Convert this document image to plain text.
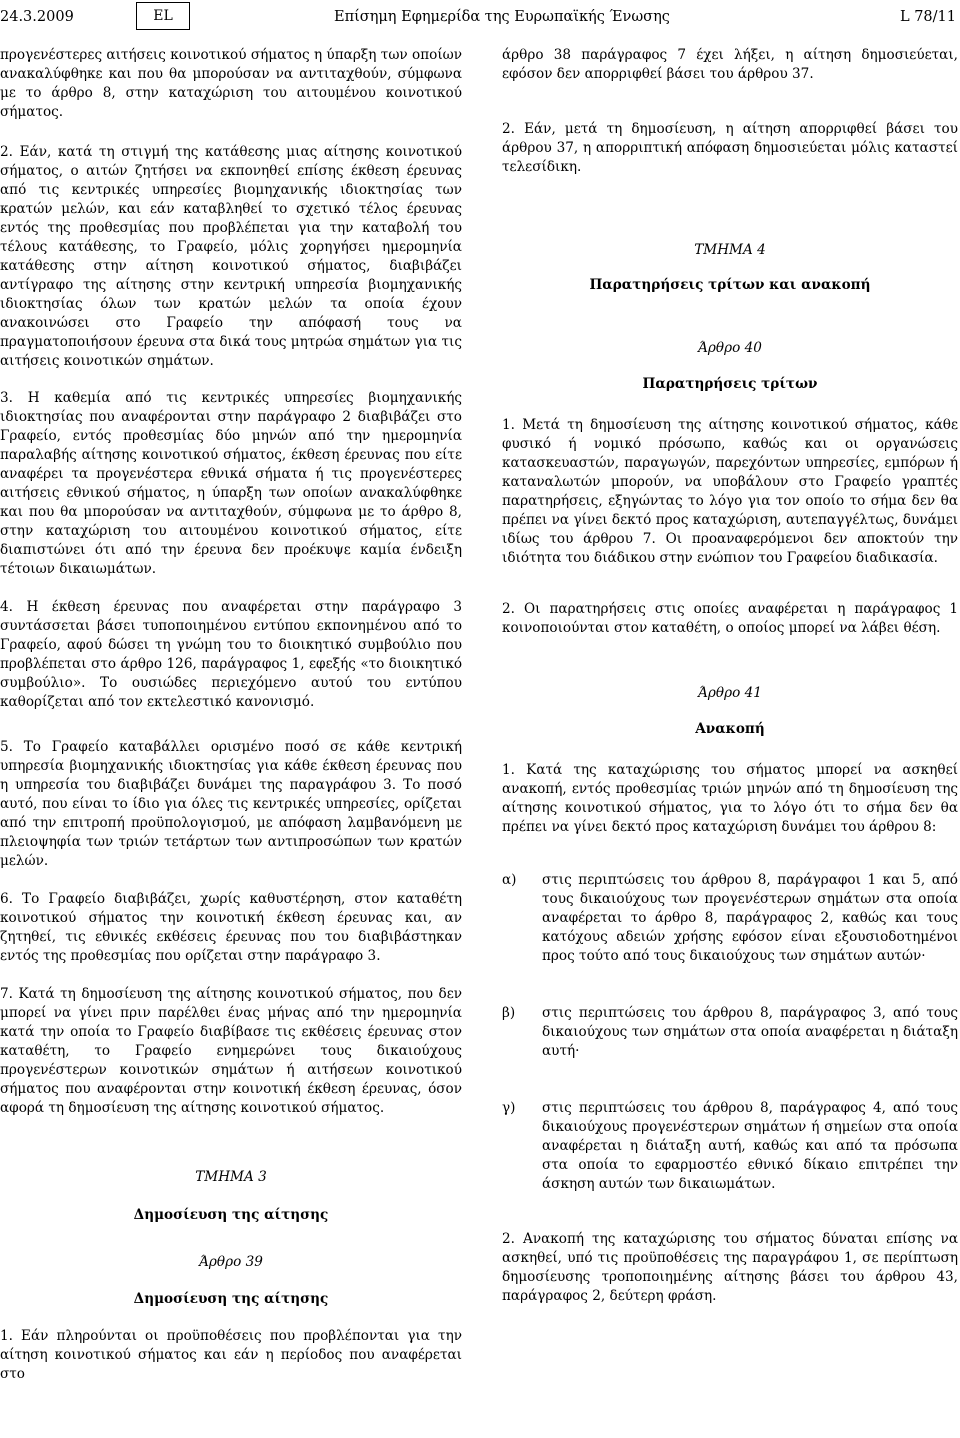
24.3.2009	EL	Επίσημη Εφημερίδα της Ευρωπαϊκής Ένωσης	L 78/11

προγενέστερες αιτήσεις κοινοτικού σήματος η ύπαρξη των οποίων ανακαλύφθηκε και που θα μπορούσαν να αντιταχθούν, σύμφωνα με το άρθρο 8, στην καταχώριση του αιτουμένου κοινοτικού σήματος.

2. Εάν, κατά τη στιγμή της κατάθεσης μιας αίτησης κοινοτικού σήματος, ο αιτών ζητήσει να εκπονηθεί επίσης έκθεση έρευνας από τις κεντρικές υπηρεσίες βιομηχανικής ιδιοκτησίας των κρατών μελών, και εάν καταβληθεί το σχετικό τέλος έρευνας εντός της προθεσμίας που προβλέπεται για την καταβολή του τέλους κατάθεσης, το Γραφείο, μόλις χορηγήσει ημερομηνία κατάθεσης στην αίτηση κοινοτικού σήματος, διαβιβάζει αντίγραφο της αίτησης στην κεντρική υπηρεσία βιομηχανικής ιδιοκτησίας όλων των κρατών μελών τα οποία έχουν ανακοινώσει στο Γραφείο την απόφασή τους να πραγματοποιήσουν έρευνα στα δικά τους μητρώα σημάτων για τις αιτήσεις κοινοτικών σημάτων.

3. Η καθεμία από τις κεντρικές υπηρεσίες βιομηχανικής ιδιοκτησίας που αναφέρονται στην παράγραφο 2 διαβιβάζει στο Γραφείο, εντός προθεσμίας δύο μηνών από την ημερομηνία παραλαβής αίτησης κοινοτικού σήματος, έκθεση έρευνας που είτε αναφέρει τα προγενέστερα εθνικά σήματα ή τις προγενέστερες αιτήσεις εθνικού σήματος, η ύπαρξη των οποίων ανακαλύφθηκε και που θα μπορούσαν να αντιταχθούν, σύμφωνα με το άρθρο 8, στην καταχώριση του αιτουμένου κοινοτικού σήματος, είτε διαπιστώνει ότι από την έρευνα δεν προέκυψε καμία ένδειξη τέτοιων δικαιωμάτων.

4. Η έκθεση έρευνας που αναφέρεται στην παράγραφο 3 συντάσσεται βάσει τυποποιημένου εντύπου εκπονημένου από το Γραφείο, αφού δώσει τη γνώμη του το διοικητικό συμβούλιο που προβλέπεται στο άρθρο 126, παράγραφος 1, εφεξής «το διοικητικό συμβούλιο». Το ουσιώδες περιεχόμενο αυτού του εντύπου καθορίζεται από τον εκτελεστικό κανονισμό.

5. Το Γραφείο καταβάλλει ορισμένο ποσό σε κάθε κεντρική υπηρεσία βιομηχανικής ιδιοκτησίας για κάθε έκθεση έρευνας που η υπηρεσία του διαβιβάζει δυνάμει της παραγράφου 3. Το ποσό αυτό, που είναι το ίδιο για όλες τις κεντρικές υπηρεσίες, ορίζεται από την επιτροπή προϋπολογισμού, με απόφαση λαμβανόμενη με πλειοψηφία των τριών τετάρτων των αντιπροσώπων των κρατών μελών.

6. Το Γραφείο διαβιβάζει, χωρίς καθυστέρηση, στον καταθέτη κοινοτικού σήματος την κοινοτική έκθεση έρευνας και, αν ζητηθεί, τις εθνικές εκθέσεις έρευνας που του διαβιβάστηκαν εντός της προθεσμίας που ορίζεται στην παράγραφο 3.

7. Κατά τη δημοσίευση της αίτησης κοινοτικού σήματος, που δεν μπορεί να γίνει πριν παρέλθει ένας μήνας από την ημερομηνία κατά την οποία το Γραφείο διαβίβασε τις εκθέσεις έρευνας στον καταθέτη, το Γραφείο ενημερώνει τους δικαιούχους προγενέστερων κοινοτικών σημάτων ή αιτήσεων κοινοτικού σήματος που αναφέρονται στην κοινοτική έκθεση έρευνας, όσον αφορά τη δημοσίευση της αίτησης κοινοτικού σήματος.

ΤΜΗΜΑ 3

Δημοσίευση της αίτησης

Άρθρο 39

Δημοσίευση της αίτησης

1. Εάν πληρούνται οι προϋποθέσεις που προβλέπονται για την αίτηση κοινοτικού σήματος και εάν η περίοδος που αναφέρεται στο

άρθρο 38 παράγραφος 7 έχει λήξει, η αίτηση δημοσιεύεται, εφόσον δεν απορριφθεί βάσει του άρθρου 37.

2. Εάν, μετά τη δημοσίευση, η αίτηση απορριφθεί βάσει του άρθρου 37, η απορριπτική απόφαση δημοσιεύεται μόλις καταστεί τελεσίδικη.

ΤΜΗΜΑ 4

Παρατηρήσεις τρίτων και ανακοπή

Άρθρο 40

Παρατηρήσεις τρίτων

1. Μετά τη δημοσίευση της αίτησης κοινοτικού σήματος, κάθε φυσικό ή νομικό πρόσωπο, καθώς και οι οργανώσεις κατασκευαστών, παραγωγών, παρεχόντων υπηρεσίες, εμπόρων ή καταναλωτών μπορούν, να υποβάλουν στο Γραφείο γραπτές παρατηρήσεις, εξηγώντας το λόγο για τον οποίο το σήμα δεν θα πρέπει να γίνει δεκτό προς καταχώριση, αυτεπαγγέλτως, δυνάμει ιδίως του άρθρου 7. Οι προαναφερόμενοι δεν αποκτούν την ιδιότητα του διάδικου στην ενώπιον του Γραφείου διαδικασία.

2. Οι παρατηρήσεις στις οποίες αναφέρεται η παράγραφος 1 κοινοποιούνται στον καταθέτη, ο οποίος μπορεί να λάβει θέση.

Άρθρο 41

Ανακοπή

1. Κατά της καταχώρισης του σήματος μπορεί να ασκηθεί ανακοπή, εντός προθεσμίας τριών μηνών από τη δημοσίευση της αίτησης κοινοτικού σήματος, για το λόγο ότι το σήμα δεν θα πρέπει να γίνει δεκτό προς καταχώριση δυνάμει του άρθρου 8:

α)	στις περιπτώσεις του άρθρου 8, παράγραφοι 1 και 5, από τους δικαιούχους των προγενέστερων σημάτων στα οποία αναφέρεται το άρθρο 8, παράγραφος 2, καθώς και τους κατόχους αδειών χρήσης εφόσον είναι εξουσιοδοτημένοι προς τούτο από τους δικαιούχους των σημάτων αυτών·
β)	στις περιπτώσεις του άρθρου 8, παράγραφος 3, από τους δικαιούχους των σημάτων στα οποία αναφέρεται η διάταξη αυτή·
γ)	στις περιπτώσεις του άρθρου 8, παράγραφος 4, από τους δικαιούχους προγενέστερων σημάτων ή σημείων στα οποία αναφέρεται η διάταξη αυτή, καθώς και από τα πρόσωπα στα οποία το εφαρμοστέο εθνικό δίκαιο επιτρέπει την άσκηση αυτών των δικαιωμάτων.

2. Ανακοπή της καταχώρισης του σήματος δύναται επίσης να ασκηθεί, υπό τις προϋποθέσεις της παραγράφου 1, σε περίπτωση δημοσίευσης τροποποιημένης αίτησης βάσει του άρθρου 43, παράγραφος 2, δεύτερη φράση.
